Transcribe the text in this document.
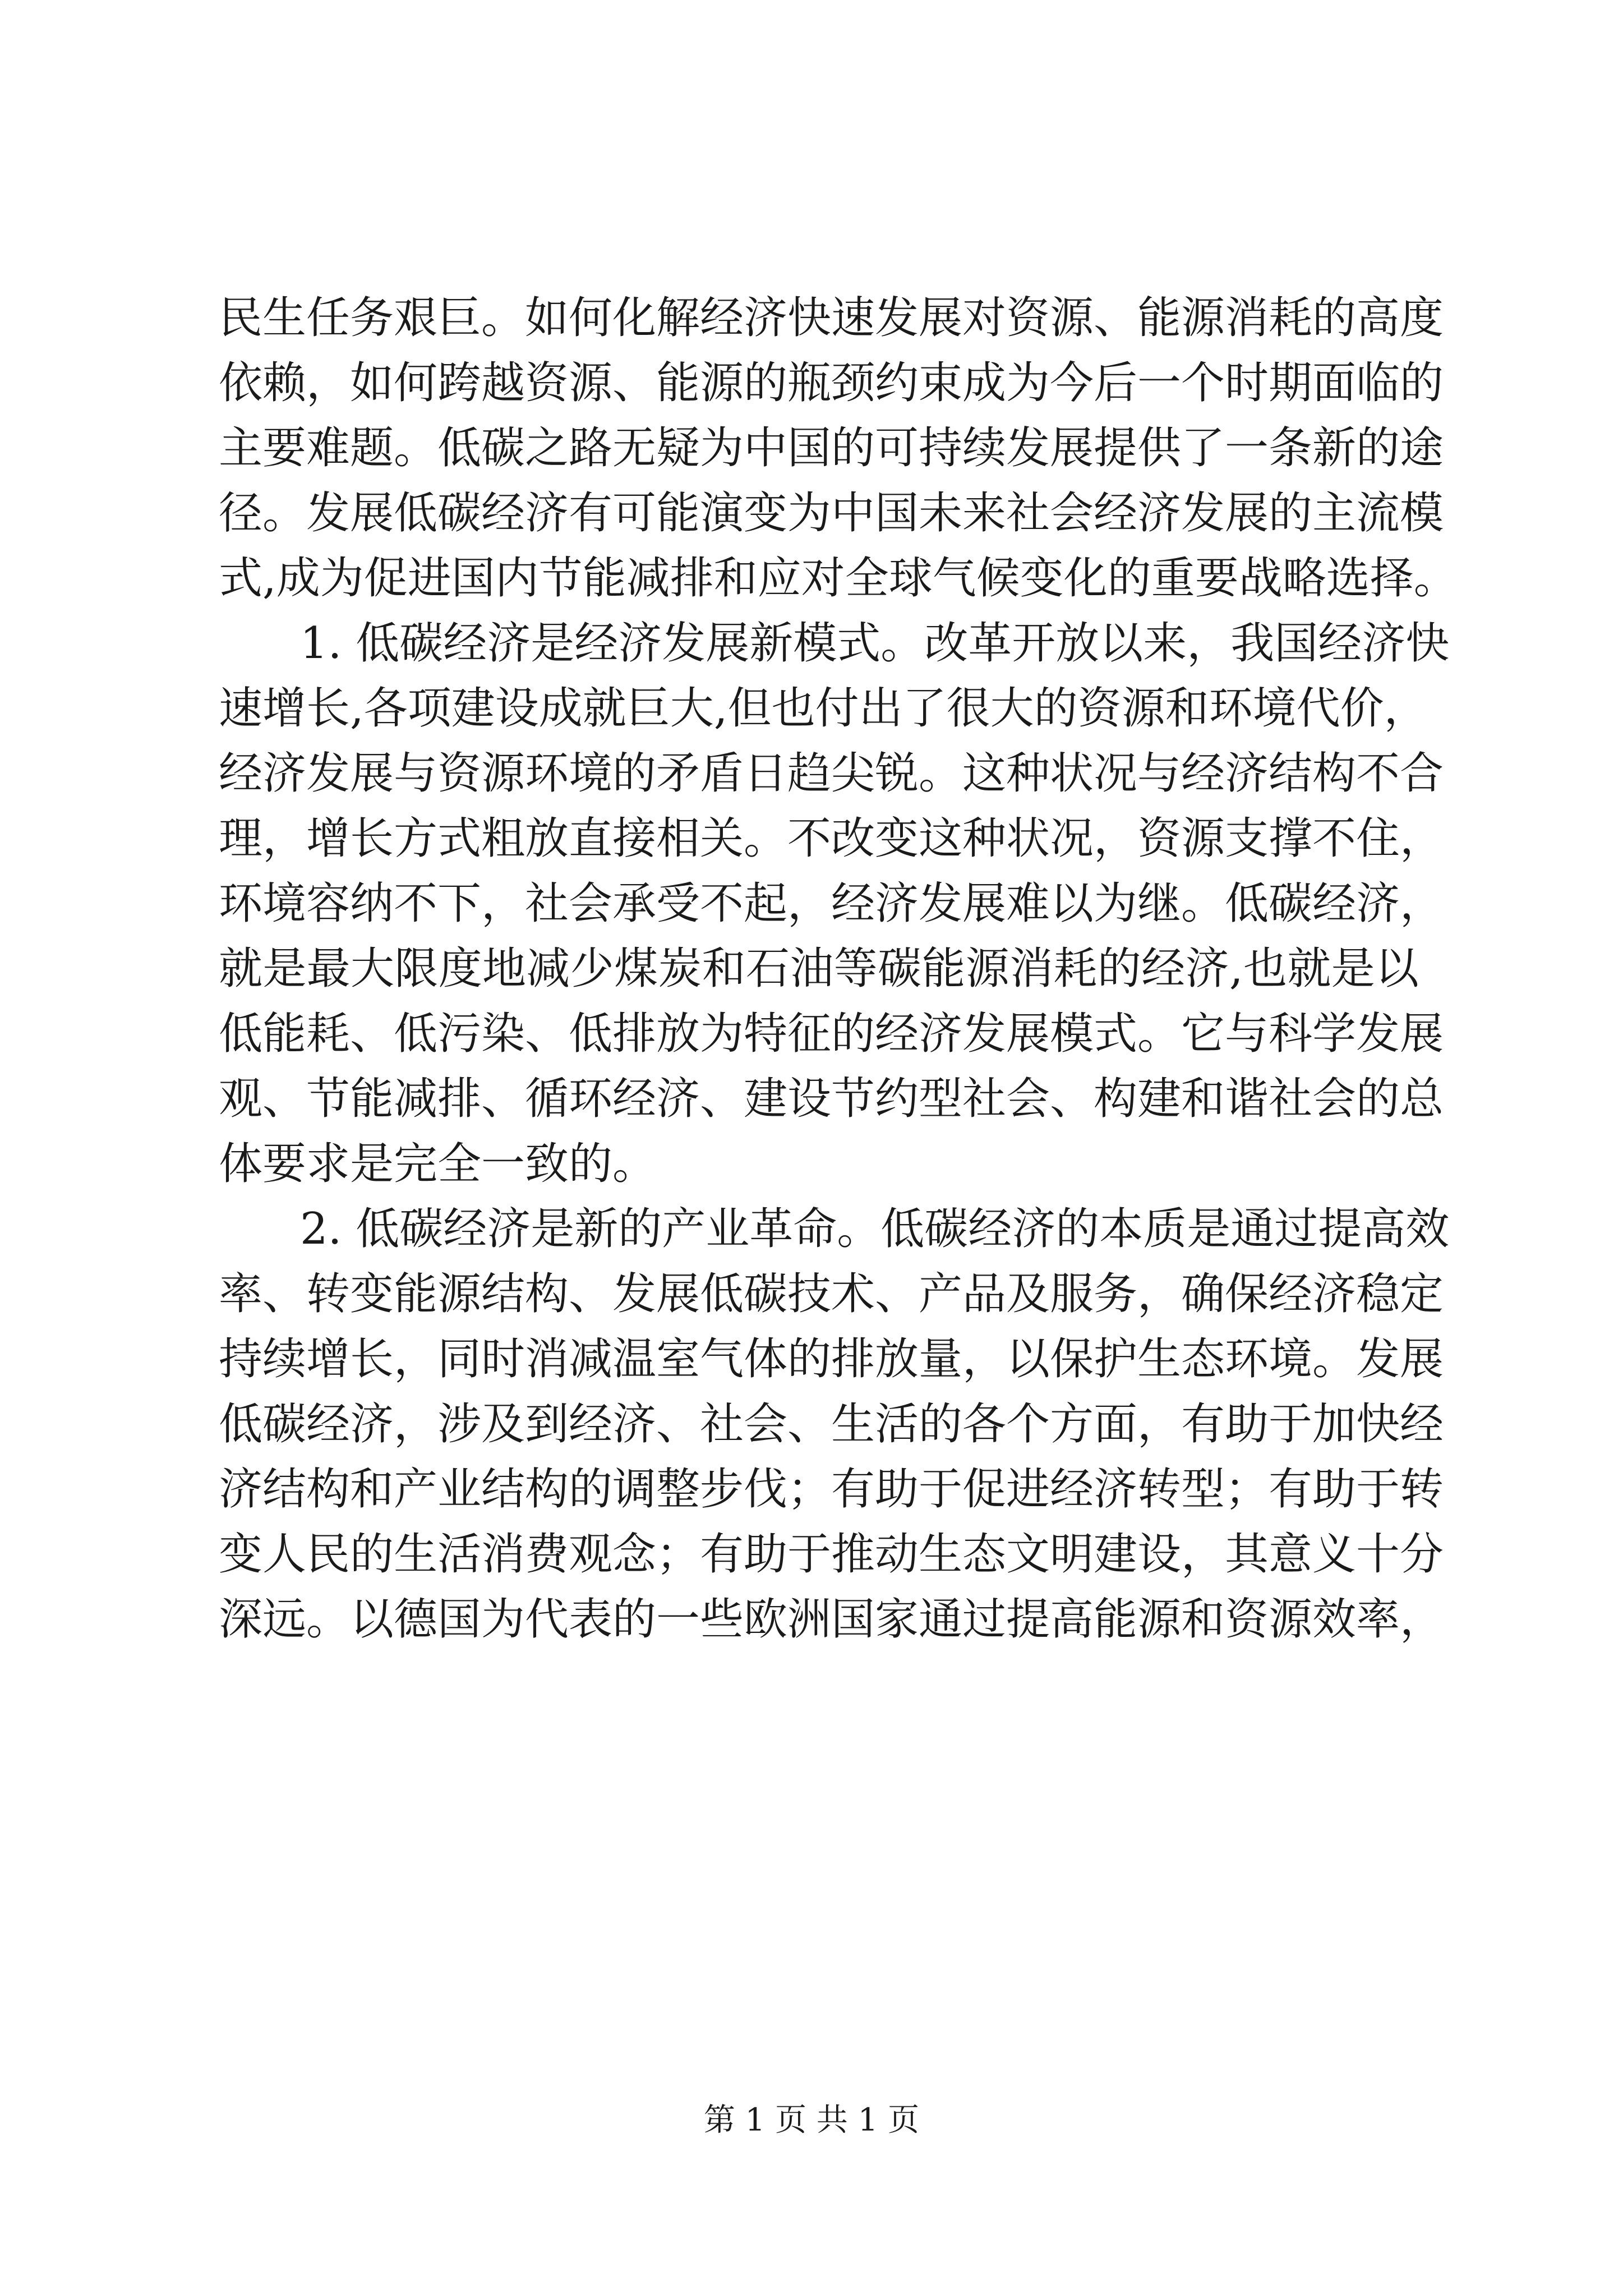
民生任务艰巨。如何化解经济快速发展对资源、能源消耗的高度
依赖，如何跨越资源、能源的瓶颈约束成为今后一个时期面临的
主要难题。低碳之路无疑为中国的可持续发展提供了一条新的途
径。发展低碳经济有可能演变为中国未来社会经济发展的主流模
式,成为促进国内节能减排和应对全球气候变化的重要战略选择。
1. 低碳经济是经济发展新模式。改革开放以来，我国经济快
速增长,各项建设成就巨大,但也付出了很大的资源和环境代价，
经济发展与资源环境的矛盾日趋尖锐。这种状况与经济结构不合
理，增长方式粗放直接相关。不改变这种状况，资源支撑不住，
环境容纳不下，社会承受不起，经济发展难以为继。低碳经济，
就是最大限度地减少煤炭和石油等碳能源消耗的经济,也就是以
低能耗、低污染、低排放为特征的经济发展模式。它与科学发展
观、节能减排、循环经济、建设节约型社会、构建和谐社会的总
体要求是完全一致的。
2. 低碳经济是新的产业革命。低碳经济的本质是通过提高效
率、转变能源结构、发展低碳技术、产品及服务，确保经济稳定
持续增长，同时消减温室气体的排放量，以保护生态环境。发展
低碳经济，涉及到经济、社会、生活的各个方面，有助于加快经
济结构和产业结构的调整步伐；有助于促进经济转型；有助于转
变人民的生活消费观念；有助于推动生态文明建设，其意义十分
深远。以德国为代表的一些欧洲国家通过提高能源和资源效率，
第 1 页 共 1 页
